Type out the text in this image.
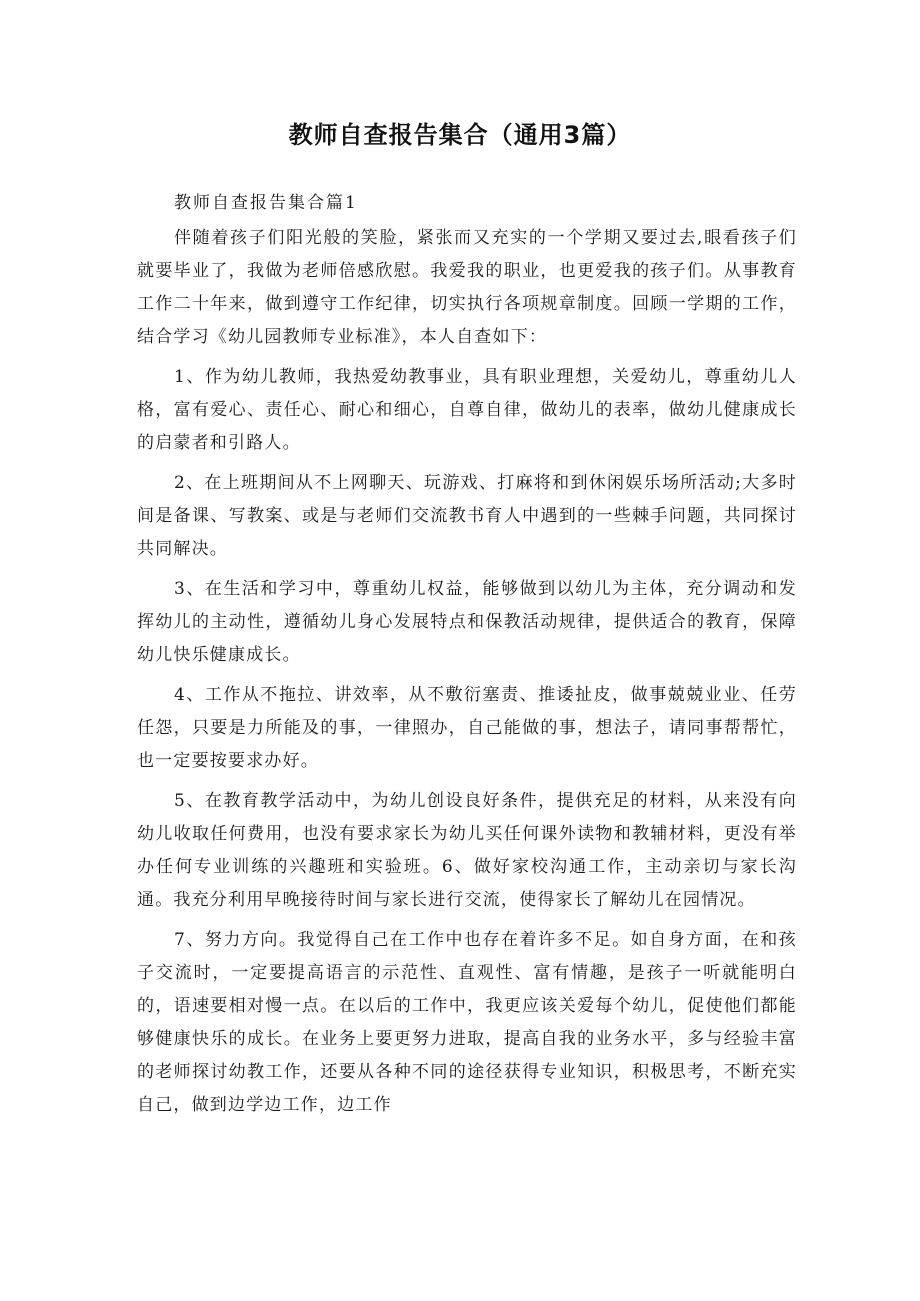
教师自查报告集合（通用3篇）
教师自查报告集合篇1

伴随着孩子们阳光般的笑脸，紧张而又充实的一个学期又要过去,眼看孩子们就要毕业了，我做为老师倍感欣慰。我爱我的职业，也更爱我的孩子们。从事教育工作二十年来，做到遵守工作纪律，切实执行各项规章制度。回顾一学期的工作，结合学习《幼儿园教师专业标准》，本人自查如下：

1、作为幼儿教师，我热爱幼教事业，具有职业理想，关爱幼儿，尊重幼儿人格，富有爱心、责任心、耐心和细心，自尊自律，做幼儿的表率，做幼儿健康成长的启蒙者和引路人。

2、在上班期间从不上网聊天、玩游戏、打麻将和到休闲娱乐场所活动;大多时间是备课、写教案、或是与老师们交流教书育人中遇到的一些棘手问题，共同探讨共同解决。

3、在生活和学习中，尊重幼儿权益，能够做到以幼儿为主体，充分调动和发挥幼儿的主动性，遵循幼儿身心发展特点和保教活动规律，提供适合的教育，保障幼儿快乐健康成长。

4、工作从不拖拉、讲效率，从不敷衍塞责、推诿扯皮，做事兢兢业业、任劳任怨，只要是力所能及的事，一律照办，自己能做的事，想法子，请同事帮帮忙，也一定要按要求办好。

5、在教育教学活动中，为幼儿创设良好条件，提供充足的材料，从来没有向幼儿收取任何费用，也没有要求家长为幼儿买任何课外读物和教辅材料，更没有举办任何专业训练的兴趣班和实验班。6、做好家校沟通工作，主动亲切与家长沟通。我充分利用早晚接待时间与家长进行交流，使得家长了解幼儿在园情况。

7、努力方向。我觉得自己在工作中也存在着许多不足。如自身方面，在和孩子交流时，一定要提高语言的示范性、直观性、富有情趣，是孩子一听就能明白的，语速要相对慢一点。在以后的工作中，我更应该关爱每个幼儿，促使他们都能够健康快乐的成长。在业务上要更努力进取，提高自我的业务水平，多与经验丰富的老师探讨幼教工作，还要从各种不同的途径获得专业知识，积极思考，不断充实自己，做到边学边工作，边工作
